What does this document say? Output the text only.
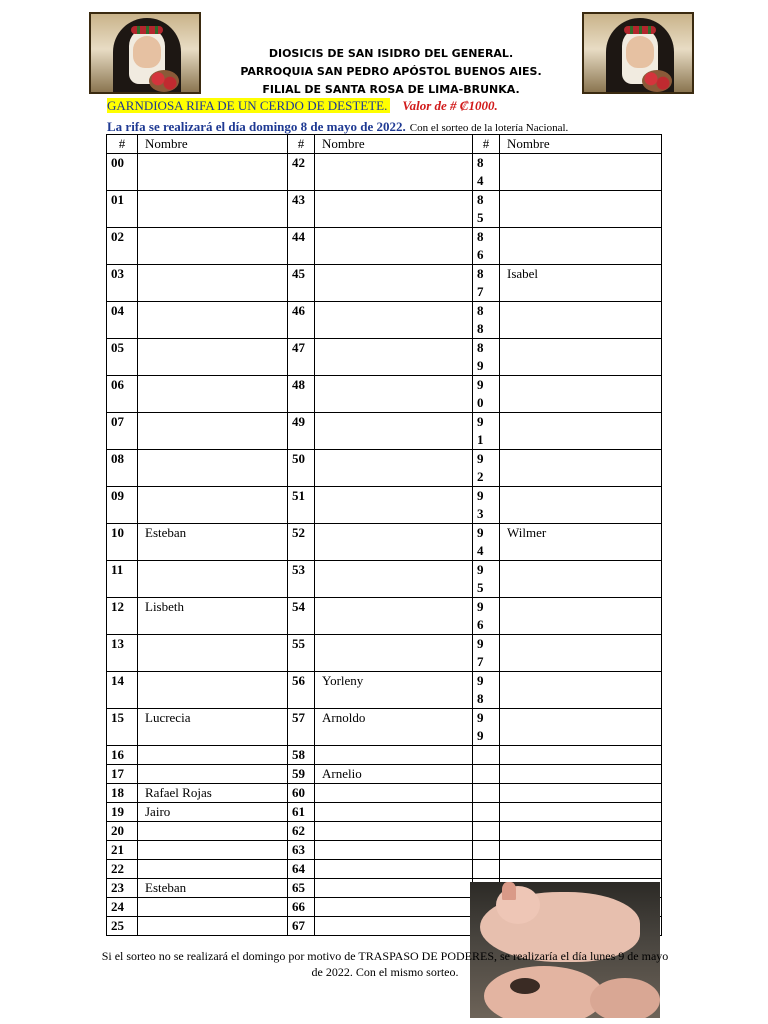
DIOSICIS DE SAN ISIDRO DEL GENERAL.
PARROQUIA SAN PEDRO APÓSTOL BUENOS AIES.
FILIAL DE SANTA ROSA DE LIMA-BRUNKA.
GARNDIOSA RIFA DE UN CERDO DE DESTETE. Valor de # ₡1000.
La rifa se realizará el día domingo 8 de mayo de 2022. Con el sorteo de la lotería Nacional.
#	Nombre	#	Nombre	#	Nombre
00		42		84	
01		43		85	
02		44		86	
03		45		87	Isabel
04		46		88	
05		47		89	
06		48		90	
07		49		91	
08		50		92	
09		51		93	
10	Esteban	52		94	Wilmer
11		53		95	
12	Lisbeth	54		96	
13		55		97	
14		56	Yorleny	98	
15	Lucrecia	57	Arnoldo	99	
16		58			
17		59	Arnelio		
18	Rafael Rojas	60			
19	Jairo	61			
20		62			
21		63			
22		64			
23	Esteban	65			
24		66			
25		67			
Si el sorteo no se realizará el domingo por motivo de TRASPASO DE PODERES, se realizaría el día lunes 9 de mayo de 2022. Con el mismo sorteo.
